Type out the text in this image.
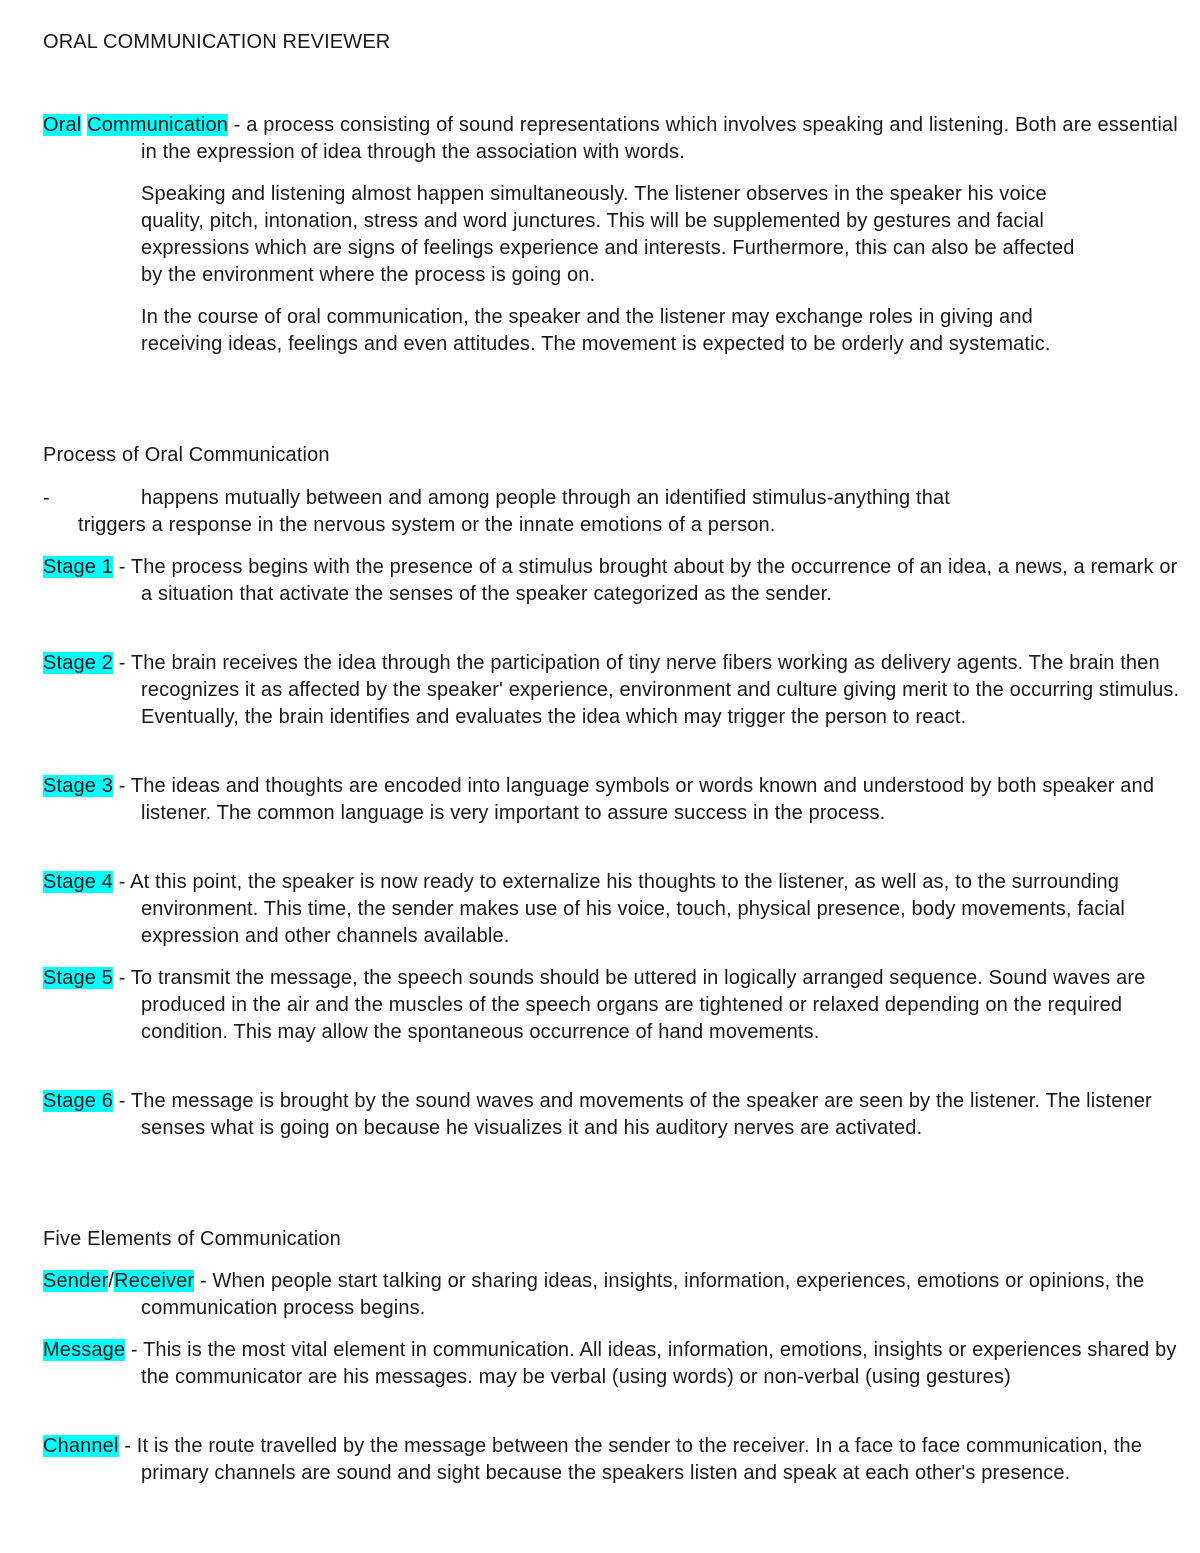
ORAL COMMUNICATION REVIEWER
Oral Communication - a process consisting of sound representations which involves speaking and listening. Both are essential in the expression of idea through the association with words.
Speaking and listening almost happen simultaneously. The listener observes in the speaker his voice quality, pitch, intonation, stress and word junctures. This will be supplemented by gestures and facial expressions which are signs of feelings experience and interests. Furthermore, this can also be affected by the environment where the process is going on.
In the course of oral communication, the speaker and the listener may exchange roles in giving and receiving ideas, feelings and even attitudes. The movement is expected to be orderly and systematic.
Process of Oral Communication
-	happens mutually between and among people through an identified stimulus-anything that
triggers a response in the nervous system or the innate emotions of a person.
Stage 1 - The process begins with the presence of a stimulus brought about by the occurrence of an idea, a news, a remark or a situation that activate the senses of the speaker categorized as the sender.
Stage 2 - The brain receives the idea through the participation of tiny nerve fibers working as delivery agents. The brain then recognizes it as affected by the speaker' experience, environment and culture giving merit to the occurring stimulus. Eventually, the brain identifies and evaluates the idea which may trigger the person to react.
Stage 3 - The ideas and thoughts are encoded into language symbols or words known and understood by both speaker and listener. The common language is very important to assure success in the process.
Stage 4 - At this point, the speaker is now ready to externalize his thoughts to the listener, as well as, to the surrounding environment. This time, the sender makes use of his voice, touch, physical presence, body movements, facial expression and other channels available.
Stage 5 - To transmit the message, the speech sounds should be uttered in logically arranged sequence. Sound waves are produced in the air and the muscles of the speech organs are tightened or relaxed depending on the required condition. This may allow the spontaneous occurrence of hand movements.
Stage 6 - The message is brought by the sound waves and movements of the speaker are seen by the listener. The listener senses what is going on because he visualizes it and his auditory nerves are activated.
Five Elements of Communication
Sender/Receiver - When people start talking or sharing ideas, insights, information, experiences, emotions or opinions, the communication process begins.
Message - This is the most vital element in communication. All ideas, information, emotions, insights or experiences shared by the communicator are his messages. may be verbal (using words) or non-verbal (using gestures)
Channel - It is the route travelled by the message between the sender to the receiver. In a face to face communication, the primary channels are sound and sight because the speakers listen and speak at each other's presence.
